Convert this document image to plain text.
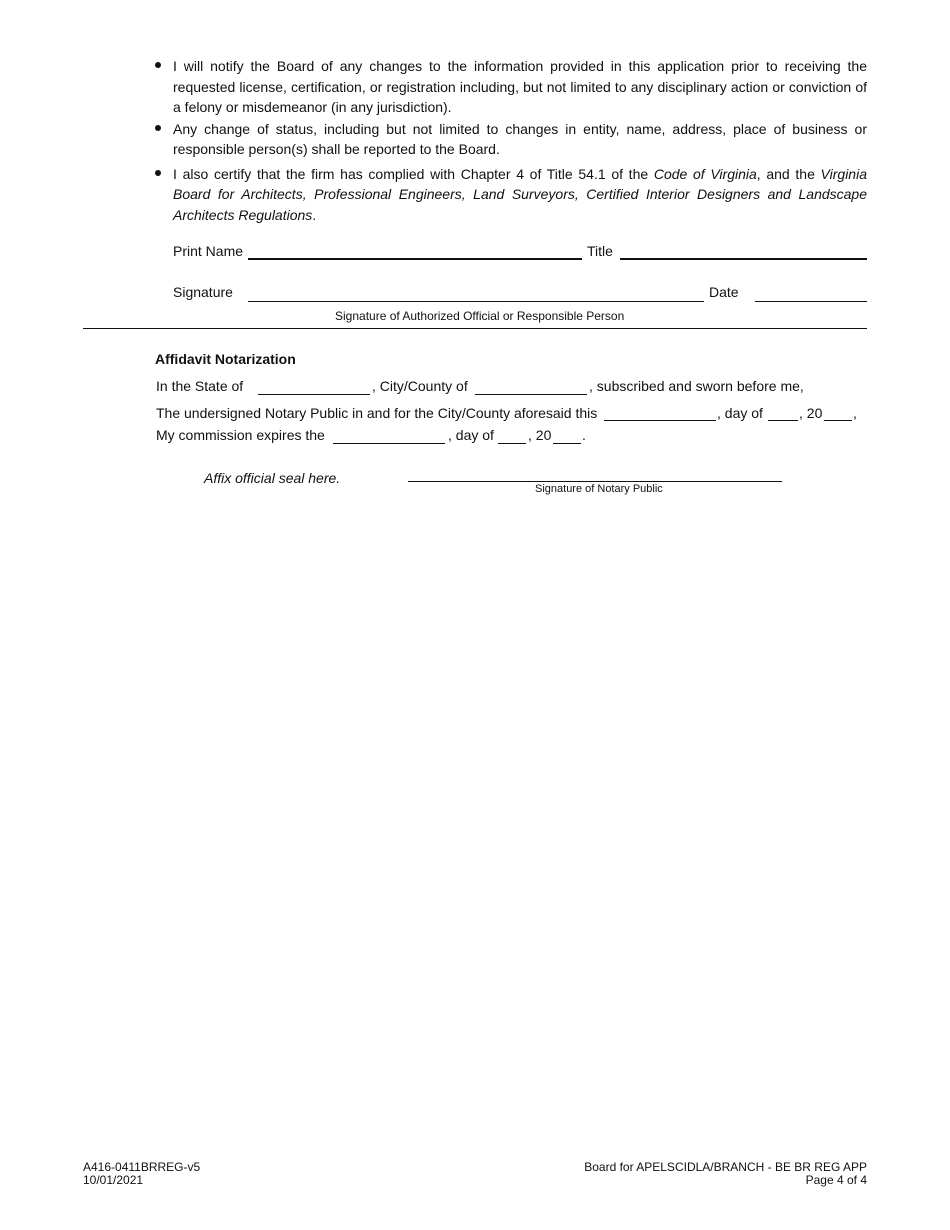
I will notify the Board of any changes to the information provided in this application prior to receiving the requested license, certification, or registration including, but not limited to any disciplinary action or conviction of a felony or misdemeanor (in any jurisdiction).
Any change of status, including but not limited to changes in entity, name, address, place of business or responsible person(s) shall be reported to the Board.
I also certify that the firm has complied with Chapter 4 of Title 54.1 of the Code of Virginia, and the Virginia Board for Architects, Professional Engineers, Land Surveyors, Certified Interior Designers and Landscape Architects Regulations.
Print Name	Title
Signature	Date
Signature of Authorized Official or Responsible Person
Affidavit Notarization
In the State of	, City/County of	, subscribed and sworn before me,
The undersigned Notary Public in and for the City/County aforesaid this	, day of	, 20 ,
My commission expires the	, day of , 20 .
Affix official seal here.
Signature of Notary Public
A416-0411BRREG-v5
10/01/2021
Board for APELSCIDLA/BRANCH - BE BR REG APP
Page 4 of 4
